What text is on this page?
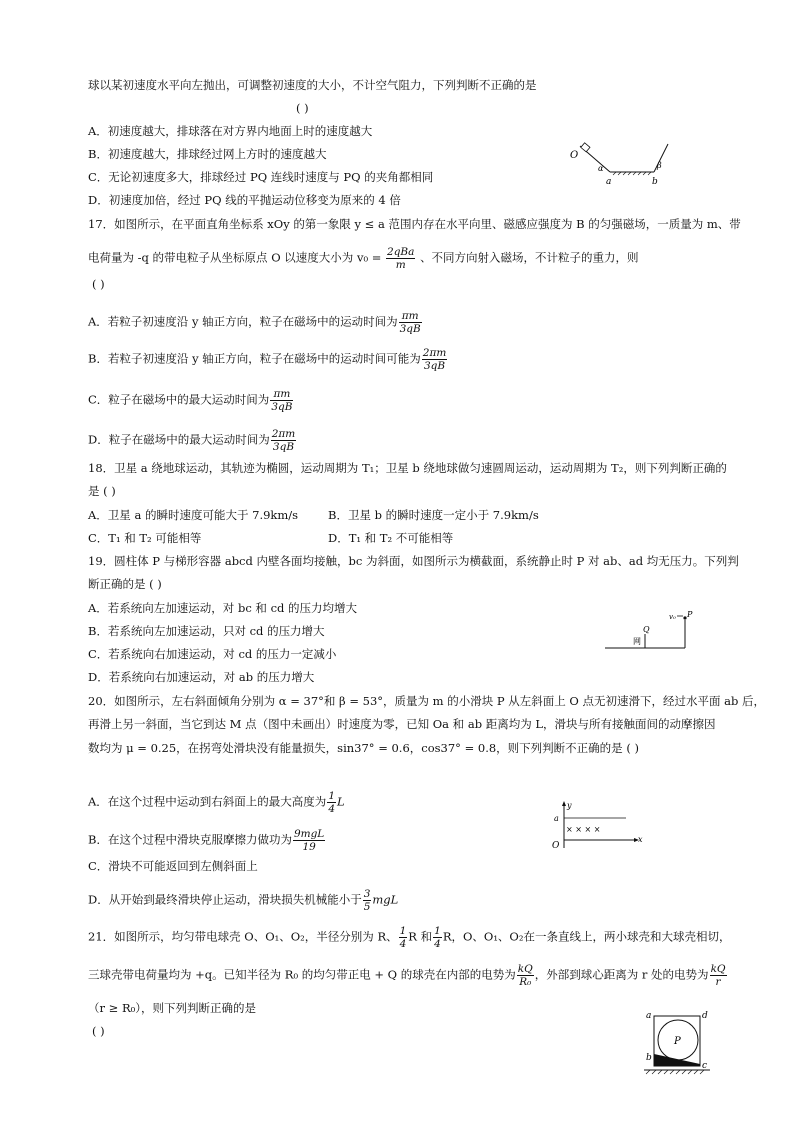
球以某初速度水平向左抛出，可调整初速度的大小，不计空气阻力，下列判断不正确的是
( )
A．初速度越大，排球落在对方界内地面上时的速度越大
B．初速度越大，排球经过网上方时的速度越大
C．无论初速度多大，排球经过 PQ 连线时速度与 PQ 的夹角都相同
D．初速度加倍，经过 PQ 线的平抛运动位移变为原来的 4 倍
O
α
a	b
β
17．如图所示，在平面直角坐标系 xOy 的第一象限 y ≤ a 范围内存在水平向里、磁感应强度为 B 的匀强磁场，一质量为 m、带
电荷量为 -q 的带电粒子从坐标原点 O 以速度大小为 $v_0 = \frac{\text{2qBa}}{m}$ 、不同方向射入磁场，不计粒子的重力，则
( )
A．若粒子初速度沿 y 轴正方向，粒子在磁场中的运动时间为 $\frac{\pi m}{3qB}$
B．若粒子初速度沿 y 轴正方向，粒子在磁场中的运动时间可能为 $\frac{2\pi m}{3qB}$
C．粒子在磁场中的最大运动时间为 $\frac{\pi m}{3qB}$
D．粒子在磁场中的最大运动时间为 $\frac{2\pi m}{3qB}$
18．卫星 a 绕地球运动，其轨迹为椭圆，运动周期为 T₁；卫星 b 绕地球做匀速圆周运动，运动周期为 T₂，则下列判断正确的
是 ( )
A．卫星 a 的瞬时速度可能大于 7.9km/s	B．卫星 b 的瞬时速度一定小于 7.9km/s
C．T₁ 和 T₂ 可能相等	D．T₁ 和 T₂ 不可能相等
19．圆柱体 P 与梯形容器 abcd 内壁各面均接触，bc 为斜面，如图所示为横截面，系统静止时 P 对 ab、ad 均无压力。下列判
断正确的是 ( )
A．若系统向左加速运动，对 bc 和 cd 的压力均增大
B．若系统向左加速运动，只对 cd 的压力增大
C．若系统向右加速运动，对 cd 的压力一定减小
D．若系统向右加速运动，对 ab 的压力增大
网
Q
v₀ P
20．如图所示，左右斜面倾角分别为 α = 37°和 β = 53°，质量为 m 的小滑块 P 从左斜面上 O 点无初速滑下，经过水平面 ab 后，
再滑上另一斜面，当它到达 M 点（图中未画出）时速度为零，已知 Oa 和 ab 距离均为 L，滑块与所有接触面间的动摩擦因
数均为 μ = 0.25，在拐弯处滑块没有能量损失，sin37° = 0.6，cos37° = 0.8，则下列判断不正确的是 ( )
A．在这个过程中运动到右斜面上的最大高度为 $\frac{1}{4}$ L
B．在这个过程中滑块克服摩擦力做功为 $\frac{\text{9mgL}}{19}$
C．滑块不可能返回到左侧斜面上
D．从开始到最终滑块停止运动，滑块损失机械能小于 $\frac{3}{5}$ mgL
y
a
O
x
× × × ×
21．如图所示，均匀带电球壳 O、O₁、O₂，半径分别为 R、 $\frac{1}{4}$ R 和 $\frac{1}{4}$ R，O、O₁、O₂在一条直线上，两小球壳和大球壳相切，
三球壳带电荷量均为 +q。已知半径为 R₀ 的均匀带正电 + Q 的球壳在内部的电势为 $\frac{kQ}{\text{R₀}}$ ，外部到球心距离为 r 处的电势为 $\frac{kQ}{r}$
（r ≥ R₀），则下列判断正确的是
( )
a	d
P
b
c
